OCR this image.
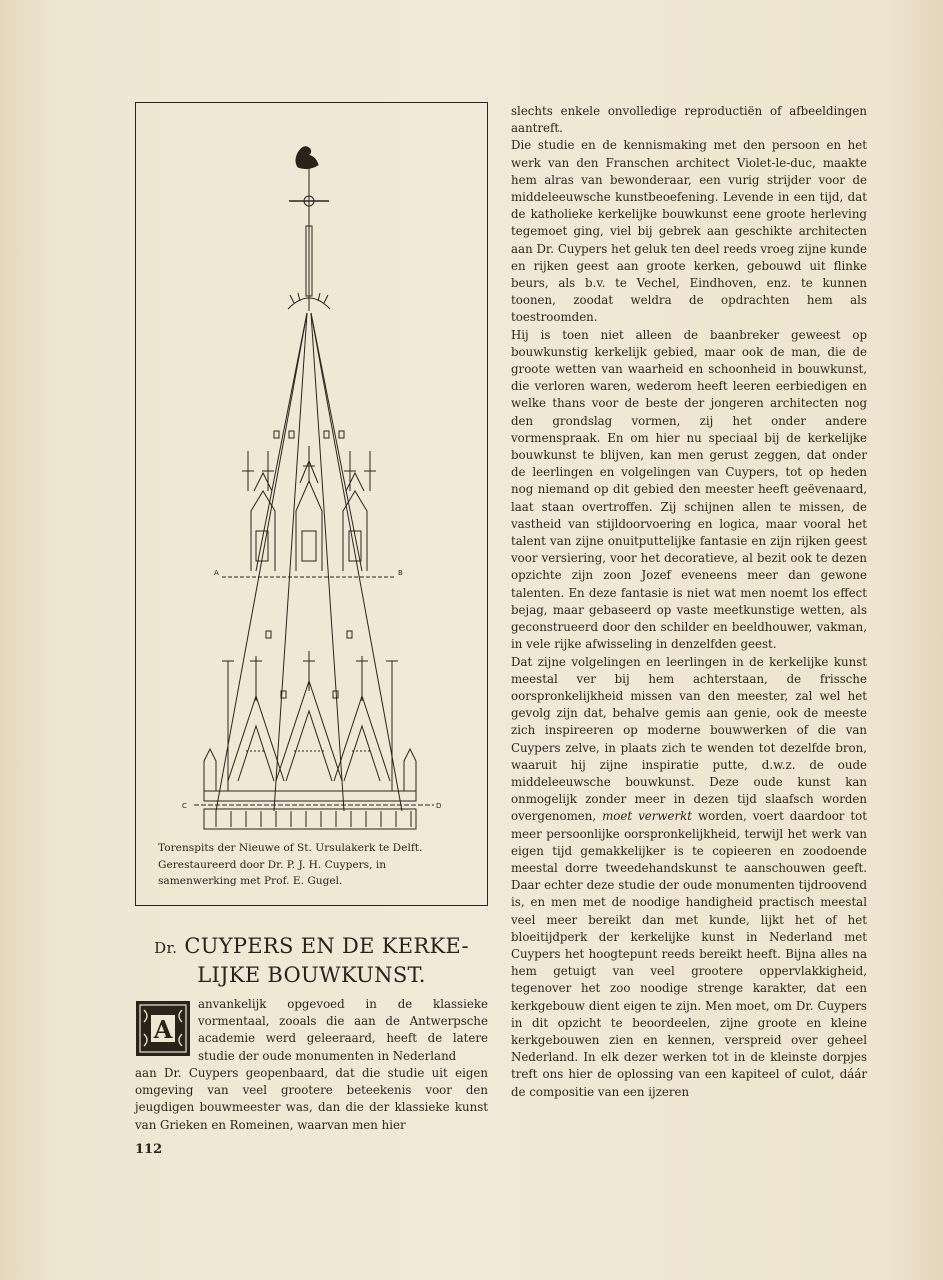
A	B
C	D
Torenspits der Nieuwe of St. Ursulakerk te Delft. Gerestaureerd door Dr. P. J. H. Cuypers, in samenwerking met Prof. E. Gugel.
Dr. CUYPERS EN DE KERKE-
LIJKE BOUWKUNST.
A

anvankelijk opgevoed in de klassieke vormentaal, zooals die aan de Antwerpsche academie werd geleeraard, heeft de latere studie der oude monumenten in Nederland

aan Dr. Cuypers geopenbaard, dat die studie uit eigen omgeving van veel grootere beteekenis voor den jeugdigen bouwmeester was, dan die der klassieke kunst van Grieken en Romeinen, waarvan men hier

slechts enkele onvolledige reproductiën of afbeeldingen aantreft.

Die studie en de kennismaking met den persoon en het werk van den Franschen architect Violet-le-duc, maakte hem alras van bewonderaar, een vurig strijder voor de middeleeuwsche kunstbeoefening. Levende in een tijd, dat de katholieke kerkelijke bouwkunst eene groote herleving tegemoet ging, viel bij gebrek aan geschikte architecten aan Dr. Cuypers het geluk ten deel reeds vroeg zijne kunde en rijken geest aan groote kerken, gebouwd uit flinke beurs, als b.v. te Vechel, Eindhoven, enz. te kunnen toonen, zoodat weldra de opdrachten hem als toestroomden.

Hij is toen niet alleen de baanbreker geweest op bouwkunstig kerkelijk gebied, maar ook de man, die de groote wetten van waarheid en schoonheid in bouwkunst, die verloren waren, wederom heeft leeren eerbiedigen en welke thans voor de beste der jongeren architecten nog den grondslag vormen, zij het onder andere vormenspraak. En om hier nu speciaal bij de kerkelijke bouwkunst te blijven, kan men gerust zeggen, dat onder de leerlingen en volgelingen van Cuypers, tot op heden nog niemand op dit gebied den meester heeft geëvenaard, laat staan overtroffen. Zij schijnen allen te missen, de vastheid van stijldoorvoering en logica, maar vooral het talent van zijne onuitputtelijke fantasie en zijn rijken geest voor versiering, voor het decoratieve, al bezit ook te dezen opzichte zijn zoon Jozef eveneens meer dan gewone talenten. En deze fantasie is niet wat men noemt los effect bejag, maar gebaseerd op vaste meetkunstige wetten, als geconstrueerd door den schilder en beeldhouwer, vakman, in vele rijke afwisseling in denzelfden geest.

Dat zijne volgelingen en leerlingen in de kerkelijke kunst meestal ver bij hem achterstaan, de frissche oorspronkelijkheid missen van den meester, zal wel het gevolg zijn dat, behalve gemis aan genie, ook de meeste zich inspireeren op moderne bouwwerken of die van Cuypers zelve, in plaats zich te wenden tot dezelfde bron, waaruit hij zijne inspiratie putte, d.w.z. de oude middeleeuwsche bouwkunst. Deze oude kunst kan onmogelijk zonder meer in dezen tijd slaafsch worden overgenomen, moet verwerkt worden, voert daardoor tot meer persoonlijke oorspronkelijkheid, terwijl het werk van eigen tijd gemakkelijker is te copieeren en zoodoende meestal dorre tweedehandskunst te aanschouwen geeft. Daar echter deze studie der oude monumenten tijdroovend is, en men met de noodige handigheid practisch meestal veel meer bereikt dan met kunde, lijkt het of het bloeitijdperk der kerkelijke kunst in Nederland met Cuypers het hoogtepunt reeds bereikt heeft. Bijna alles na hem getuigt van veel grootere oppervlakkigheid, tegenover het zoo noodige strenge karakter, dat een kerkgebouw dient eigen te zijn. Men moet, om Dr. Cuypers in dit opzicht te beoordeelen, zijne groote en kleine kerkgebouwen zien en kennen, verspreid over geheel Nederland. In elk dezer werken tot in de kleinste dorpjes treft ons hier de oplossing van een kapiteel of culot, dáár de compositie van een ijzeren

112
